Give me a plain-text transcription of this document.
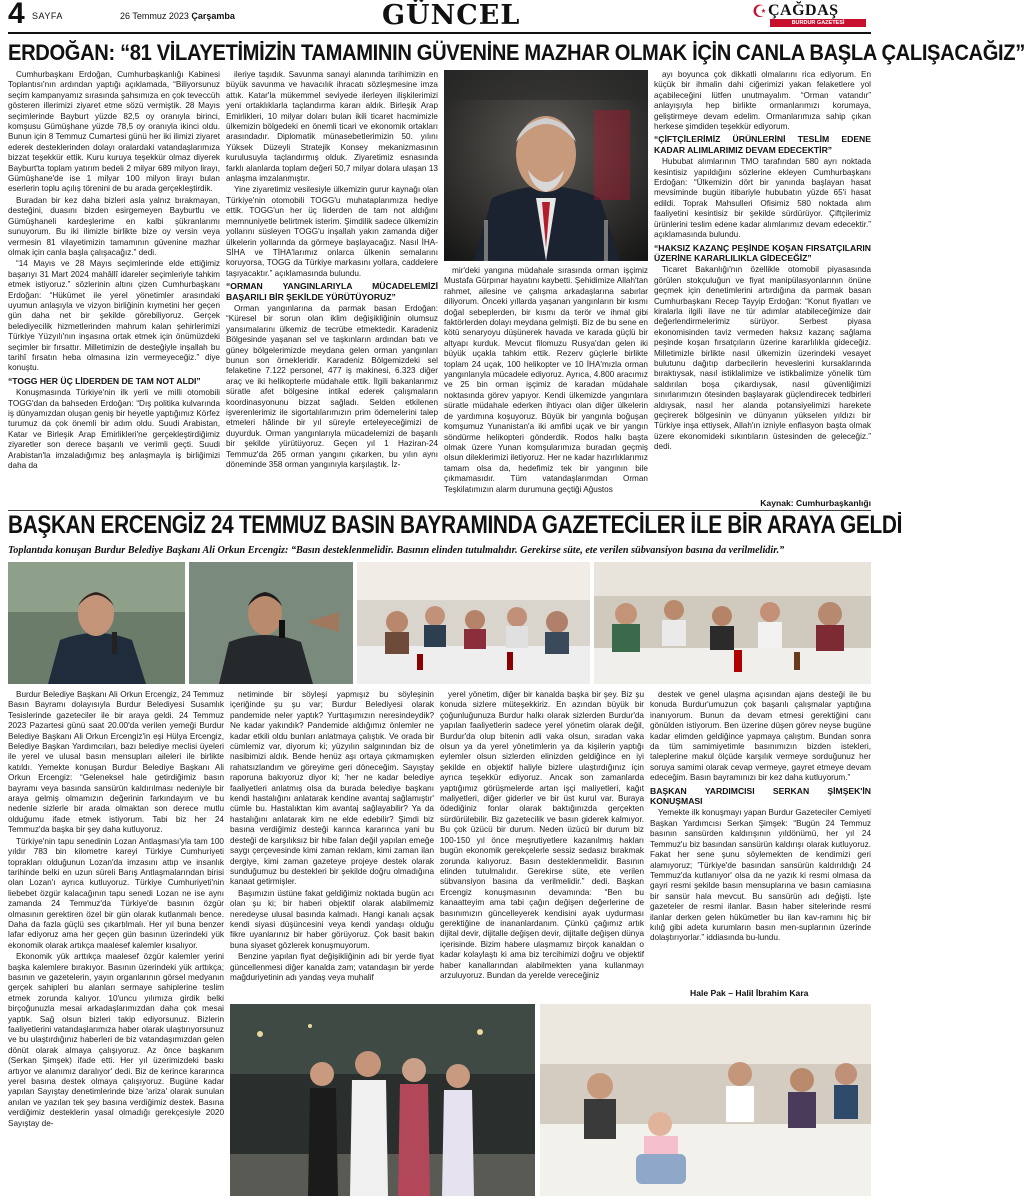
4 SAYFA	26 Temmuz 2023 Çarşamba	GÜNCEL	☪ ÇAĞDAŞ
BURDUR GAZETESİ
ERDOĞAN: “81 VİLAYETİMİZİN TAMAMININ GÜVENİNE MAZHAR OLMAK İÇİN CANLA BAŞLA ÇALIŞACAĞIZ”

Cumhurbaşkanı Erdoğan, Cumhurbaşkanlığı Kabinesi Toplantısı'nın ardından yaptığı açıklamada, “Biliyorsunuz seçim kampanyamız sırasında şahsımıza en çok teveccüh gösteren illerimizi ziyaret etme sözü vermiştik. 28 Mayıs seçimlerinde Bayburt yüzde 82,5 oy oranıyla birinci, komşusu Gümüşhane yüzde 78,5 oy oranıyla ikinci oldu. Bunun için 8 Temmuz Cumartesi günü her iki ilimizi ziyaret ederek desteklerinden dolayı oralardaki vatandaşlarımıza bizzat teşekkür ettik. Kuru kuruya teşekkür olmaz diyerek Bayburt'ta toplam yatırım bedeli 2 milyar 689 milyon lirayı, Gümüşhane'de ise 1 milyar 100 milyon lirayı bulan eserlerin toplu açılış törenini de bu arada gerçekleştirdik.

Buradan bir kez daha bizleri asla yalnız bırakmayan, desteğini, duasını bizden esirgemeyen Bayburtlu ve Gümüşhaneli kardeşlerime en kalbi şükranlarımı sunuyorum. Bu iki ilimizle birlikte bize oy versin veya vermesin 81 vilayetimizin tamamının güvenine mazhar olmak için canla başla çalışacağız.” dedi.

“14 Mayıs ve 28 Mayıs seçimlerinde elde ettiğimiz başarıyı 31 Mart 2024 mahâllî idareler seçimleriyle tahkim etmek istiyoruz.” sözlerinin altını çizen Cumhurbaşkanı Erdoğan: “Hükümet ile yerel yönetimler arasındaki uyumun anlaşıyla ve vizyon birliğinin kıymetini her geçen gün daha net bir şekilde görebiliyoruz. Gerçek belediyecilik hizmetlerinden mahrum kalan şehirlerimizi Türkiye Yüzyılı'nın inşasına ortak etmek için önümüzdeki seçimler bir fırsattır. Milletimizin de desteğiyle inşallah bu tarihî fırsatın heba olmasına izin vermeyeceğiz.” diye konuştu.

“TOGG HER ÜÇ LİDERDEN DE TAM NOT ALDI”

Konuşmasında Türkiye'nin ilk yerli ve milli otomobili TOGG'dan da bahseden Erdoğan: “Dış politika kulvarında iş dünyamızdan oluşan geniş bir heyetle yaptığımız Körfez turumuz da çok önemli bir adım oldu. Suudi Arabistan, Katar ve Birleşik Arap Emirlikleri'ne gerçekleştirdiğimiz ziyaretler son derece başarılı ve verimli geçti. Suudi Arabistan'la imzaladığımız beş anlaşmayla iş birliğimizi daha da

ileriye taşıdık. Savunma sanayi alanında tarihimizin en büyük savunma ve havacılık ihracatı sözleşmesine imza attık. Katar'la mükemmel seviyede ilerleyen ilişkilerimizi yeni ortaklıklarla taçlandırma kararı aldık. Birleşik Arap Emirlikleri, 10 milyar doları bulan ikili ticaret hacmimizle ülkemizin bölgedeki en önemli ticari ve ekonomik ortakları arasındadır. Diplomatik münasebetlerimizin 50. yılını Yüksek Düzeyli Stratejik Konsey mekanizmasının kurulusuyla taçlandırmış olduk. Ziyaretimiz esnasında farklı alanlarda toplam değeri 50,7 milyar dolara ulaşan 13 anlaşma imzalanmıştır.

Yine ziyaretimiz vesilesiyle ülkemizin gurur kaynağı olan Türkiye'nin otomobili TOGG'u muhataplarımıza hediye ettik. TOGG'un her üç liderden de tam not aldığını memnuniyetle belirtmek isterim. Şimdilik sadece ülkemizin yollarını süsleyen TOGG'u inşallah yakın zamanda diğer ülkelerin yollarında da görmeye başlayacağız. Nasıl İHA-SİHA ve TİHA'larımız onlarca ülkenin semalarını koruyorsa, TOGG da Türkiye markasını yollara, caddelere taşıyacaktır.” açıklamasında bulundu.

“ORMAN YANGINLARIYLA MÜCADELEMİZİ BAŞARILI BİR ŞEKİLDE YÜRÜTÜYORUZ”

Orman yangınlarına da parmak basan Erdoğan: “Küresel bir sorun olan iklim değişikliğinin olumsuz yansımalarını ülkemiz de tecrübe etmektedir. Karadeniz Bölgesinde yaşanan sel ve taşkınların ardından batı ve güney bölgelerimizde meydana gelen orman yangınları bunun son örnekleridir. Karadeniz Bölgemizdeki sel felaketine 7.122 personel, 477 iş makinesi, 6.323 diğer araç ve iki helikopterle müdahale ettik. İlgili bakanlarımız süratle afet bölgesine intikal ederek çalışmaların koordinasyonunu bizzat sağladı. Selden etkilenen işverenlerimiz ile sigortalılarımızın prim ödemelerini talep etmeleri hâlinde bir yıl süreyle erteleyeceğimizi de duyurduk. Orman yangınlarıyla mücadelemizi de başarılı bir şekilde yürütüyoruz. Geçen yıl 1 Haziran-24 Temmuz'da 265 orman yangını çıkarken, bu yılın aynı döneminde 358 orman yangınıyla karşılaştık. İz-

mir'deki yangına müdahale sırasında orman işçimiz Mustafa Gürpınar hayatını kaybetti. Şehidimize Allah'tan rahmet, ailesine ve çalışma arkadaşlarına sabırlar diliyorum. Önceki yıllarda yaşanan yangınların bir kısmı doğal sebeplerden, bir kısmı da terör ve ihmal gibi faktörlerden dolayı meydana gelmişti. Biz de bu sene en kötü senaryoyu düşünerek havada ve karada güçlü bir altyapı kurduk. Mevcut filomuzu Rusya'dan gelen iki büyük uçakla tahkim ettik. Rezerv güçlerle birlikte toplam 24 uçak, 100 helikopter ve 10 İHA'mızla orman yangınlarıyla mücadele ediyoruz. Ayrıca, 4.800 aracımız ve 25 bin orman işçimiz de karadan müdahale noktasında görev yapıyor. Kendi ülkemizde yangınlara süratle müdahale ederken ihtiyacı olan diğer ülkelerin de yardımına koşuyoruz. Büyük bir yangınla boğuşan komşumuz Yunanistan'a iki amfibi uçak ve bir yangın söndürme helikopteri gönderdik. Rodos halkı başta olmak üzere Yunan komşularımıza buradan geçmiş olsun dileklerimizi iletiyoruz. Her ne kadar hazırlıklarımız tamam olsa da, hedefimiz tek bir yangının bile çıkmamasıdır. Tüm vatandaşlarımdan Orman Teşkilatımızın alarm durumuna geçtiği Ağustos

ayı boyunca çok dikkatli olmalarını rica ediyorum. En küçük bir ihmalin dahi ciğerimizi yakan felaketlere yol açabileceğini lütfen unutmayalım. “Orman vatandır” anlayışıyla hep birlikte ormanlarımızı korumaya, geliştirmeye devam edelim. Ormanlarımıza sahip çıkan herkese şimdiden teşekkür ediyorum.

“ÇİFTÇİLERİMİZ ÜRÜNLERİNİ TESLİM EDENE KADAR ALIMLARIMIZ DEVAM EDECEKTİR”

Hububat alımlarının TMO tarafından 580 ayrı noktada kesintisiz yapıldığını sözlerine ekleyen Cumhurbaşkanı Erdoğan: “Ülkemizin dört bir yanında başlayan hasat mevsiminde bugün itibariyle hububatın yüzde 65'i hasat edildi. Toprak Mahsulleri Ofisimiz 580 noktada alım faaliyetini kesintisiz bir şekilde sürdürüyor. Çiftçilerimiz ürünlerini teslim edene kadar alımlarımız devam edecektir.” açıklamasında bulundu.

“HAKSIZ KAZANÇ PEŞİNDE KOŞAN FIRSATÇILARIN ÜZERİNE KARARLILIKLA GİDECEĞİZ”

Ticaret Bakanlığı'nın özellikle otomobil piyasasında görülen stokçuluğun ve fiyat manipülasyonlarının önüne geçmek için denetimlerini artırdığına da parmak basan Cumhurbaşkanı Recep Tayyip Erdoğan: “Konut fiyatları ve kiralarla ilgili ilave ne tür adımlar atabileceğimize dair değerlendirmelerimiz sürüyor. Serbest piyasa ekonomisinden taviz vermeden haksız kazanç sağlama peşinde koşan fırsatçıların üzerine kararlılıkla gideceğiz. Milletimizle birlikte nasıl ülkemizin üzerindeki vesayet bulutunu dağıtıp darbecilerin heveslerini kursaklarında bıraktıysak, nasıl istiklalimize ve istikbalimize yönelik tüm saldırılan boşa çıkardıysak, nasıl güvenliğimizi sınırlarımızın ötesinden başlayarak güçlendirecek tedbirleri aldıysak, nasıl her alanda potansiyelimizi harekete geçirerek bölgesinin ve dünyanın yükselen yıldızı bir Türkiye inşa ettiysek, Allah'ın izniyle enflasyon başta olmak üzere ekonomideki sıkıntıların üstesinden de geleceğiz.” dedi.

Kaynak: Cumhurbaşkanlığı
BAŞKAN ERCENGİZ 24 TEMMUZ BASIN BAYRAMINDA GAZETECİLER İLE BİR ARAYA GELDİ
Toplantıda konuşan Burdur Belediye Başkanı Ali Orkun Ercengiz: “Basın desteklenmelidir. Basının elinden tutulmalıdır. Gerekirse süte, ete verilen sübvansiyon basına da verilmelidir.”

Burdur Belediye Başkanı Ali Orkun Ercengiz, 24 Temmuz Basın Bayramı dolayısıyla Burdur Belediyesi Susamlık Tesislerinde gazeteciler ile bir araya geldi. 24 Temmuz 2023 Pazartesi günü saat 20.00'da verilen yemeği Burdur Belediye Başkanı Ali Orkun Ercengiz'in eşi Hülya Ercengiz, Belediye Başkan Yardımcıları, bazı belediye meclisi üyeleri ile yerel ve ulusal basın mensupları aileleri ile birlikte katıldı. Yemekte konuşan Burdur Belediye Başkanı Ali Orkun Ercengiz: “Geleneksel hale getirdiğimiz basın bayramı veya basında sansürün kaldırılması nedeniyle bir araya gelmiş olmamızın değerinin farkındayım ve bu nedenle sizlerle bir arada olmaktan son derece mutlu olduğumu ifade etmek istiyorum. Tabi biz her 24 Temmuz'da başka bir şey daha kutluyoruz.

Türkiye'nin tapu senedinin Lozan Antlaşması'yla tam 100 yıldır 783 bin kilometre kareyi Türkiye Cumhuriyeti toprakları olduğunun Lozan'da imzasını attıp ve insanlık tarihinde belki en uzun süreli Barış Antlaşmalarından birisi olan Lozan'ı ayrıca kutluyoruz. Türkiye Cumhuriyeti'nin liebebet özgür kalacağının tapu senedi Lozan ne ise aynı zamanda 24 Temmuz'da Türkiye'de basının özgür olmasının gerektiren özel bir gün olarak kutlanmalı bence. Daha da fazla güçlü ses çıkartılmalı. Her yıl buna benzer lafar ediyoruz ama her geçen gün basının üzerindeki yük ekonomik olarak artıkça maalesef kalemler kısalıyor.

Ekonomik yük arttıkça maalesef özgür kalemler yerini başka kalemlere bırakıyor. Basının üzerindeki yük arttıkça; basının ve gazetelerin, yayın organlarının görsel medyanın gerçek sahipleri bu alanları sermaye sahiplerine teslim etmek zorunda kalıyor. 10'uncu yılımıza girdik belki birçoğunuzla mesai arkadaşlarımızdan daha çok mesai yaptık. Sağ olsun bizleri takip ediyorsunuz. Bizlerin faaliyetlerini vatandaşlarımıza haber olarak ulaştırıyorsunuz ve bu ulaştırdığınız haberleri de biz vatandaşımızdan gelen dönüt olarak almaya çalışıyoruz. Az önce başkanım (Serkan Şimşek) ifade etti. Her yıl üzerimizdeki baskı artıyor ve alanımız daralıyor' dedi. Biz de kerince kararınca yerel basına destek olmaya çalışıyoruz. Bugüne kadar yapılan Sayıştay denetimlerinde bize 'ariza' olarak sunulan anılan ve yazılan tek şey basına verdiğimiz destek. Basına verdiğimiz desteklerin yasal olmadığı gerekçesiyle 2020 Sayıştay de-

netiminde bir söyleşi yapmışız bu söyleşinin içeriğinde şu şu var; Burdur Belediyesi olarak pandemide neler yaptık? Yurttaşımızın neresindeydik? Ne kadar yakındık? Pandemide aldığımız önlemler ne kadar etkili oldu bunları anlatmaya çalıştık. Ve orada bir cümlemiz var, diyorum ki; yüzyılın salgınından biz de nasibimizi aldık. Bende henüz aşı ortaya çıkmamışken rahatsızlandım ve göreyime geri döneceğim. Sayıştay raporuna bakıyoruz diyor ki; 'her ne kadar belediye faaliyetleri anlatmış olsa da burada belediye başkanı kendi hastalığını anlatarak kendine avantaj sağlamıştır' cümle bu. Hastalıktan kim avantaj sağlayabilir? Ya da hastalığını anlatarak kim ne elde edebilir? Şimdi biz basına verdiğimiz desteği karınca kararınca yani bu desteği de karşılıksız bir hibe falan değil yapılan emeğe saygı çerçevesinde kimi zaman reklam, kimi zaman ilan dergiye, kimi zaman gazeteye projeye destek olarak sunduğumuz bu destekleri bir şekilde doğru olmadığına kanaat getirmişler.

Başımızın üstüne fakat geldiğimiz noktada bugün acı olan şu ki; bir haberi objektif olarak alabilmemiz neredeyse ulusal basında kalmadı. Hangi kanalı açsak kendi siyasi düşüncesini veya kendi yandaşı olduğu fikre uyanlarınız bir haber görüyoruz. Çok basit bakın buna siyaset gözlerek konuşmuyorum.

Benzine yapılan fiyat değişikliğinin adı bir yerde fiyat güncellenmesi diğer kanalda zam; vatandaşın bir yerde mağduriyetinin adı yandaş veya muhalif

yerel yönetim, diğer bir kanalda başka bir şey. Biz şu konuda sizlere müteşekkiriz. En azından büyük bir çoğunluğunuza Burdur halkı olarak sizlerden Burdur'da yapılan faaliyetlerin sadece yerel yönetim olarak değil, Burdur'da olup bitenin adli vaka olsun, sıradan vaka olsun ya da yerel yönetimlerin ya da kişilerin yaptığı eylemler olsun sizlerden elinizden geldiğince en iyi şekilde en objektif haliyle bizlere ulaştırdığınız için ayrıca teşekkür ediyoruz. Ancak son zamanlarda yaptığımız görüşmelerde artan işçi maliyetleri, kağıt maliyetleri, diğer giderler ve bir üst kurul var. Buraya ödediğiniz fonlar olarak baktığınızda gerçekten sürdürülebilir. Biz gazetecilik ve basın giderek kalmıyor. Bu çok üzücü bir durum. Neden üzücü bir durum biz 100-150 yıl önce meşrutiyetlere kazanılmış hakları bugün ekonomik gerekçelerle sessiz sedasız bırakmak zorunda kalıyoruz. Basın desteklenmelidir. Basının elinden tutulmalıdır. Gerekirse süte, ete verilen sübvansiyon basına da verilmelidir.” dedi. Başkan Ercengiz konuşmasının devamında: “Ben bu kanaatteyim ama tabi çağın değişen değerlerine de basınımızın güncelleyerek kendisini ayak uydurması gerektiğine de inananlardanım. Çünkü çağımız artık dijital devir, dijitalle değişen devir, dijitalle değişen dünya içerisinde. Bizim habere ulaşmamız birçok kanaldan o kadar kolaylaştı ki ama biz tercihimizi doğru ve objektif haber kanallarından alabilmekten yana kullanmayı arzuluyoruz. Bundan da yerelde vereceğiniz

destek ve genel ulaşma açısından ajans desteği ile bu konuda Burdur'umuzun çok başarılı çalışmalar yaptığına inanıyorum. Bunun da devam etmesi gerektiğini canı gönülden istiyorum. Ben üzerine düşen görev neyse bugüne kadar elimden geldiğince yapmaya çalıştım. Bundan sonra da tüm samimiyetimle basınımızın bizden istekleri, taleplerine makul ölçüde karşılık vermeye sorduğunuz her soruya samimi olarak cevap vermeye, gayret etmeye devam edeceğim. Basın bayramınızı bir kez daha kutluyorum.”

BAŞKAN YARDIMCISI SERKAN ŞİMŞEK'İN KONUŞMASI

Yemekte ilk konuşmayı yapan Burdur Gazeteciler Cemiyeti Başkan Yardımcısı Serkan Şimşek: “Bugün 24 Temmuz basının sansürden kaldırışının yıldönümü, her yıl 24 Temmuz'u biz basından sansürün kaldırışı olarak kutluyoruz. Fakat her sene şunu söylemekten de kendimizi geri alamıyoruz; 'Türkiye'de basından sansürün kaldırıldığı 24 Temmuz'da kutlanıyor' olsa da ne yazık ki resmi olmasa da gayri resmi şekilde basın mensuplarına ve basın camiasına bir sansür hala mevcut. Bu sansürün adı değişti. İşte gazeteler de resmi ilanlar. Basın haber sitelerinde resmi ilanlar derken gelen hükümetler bu ilan kav-ramını hiç bir kılığ gibi adeta kurumların basın men-suplarının üzerinde dolaştırıyorlar.” iddiasında bu-lundu.

Hale Pak – Halil İbrahim Kara
